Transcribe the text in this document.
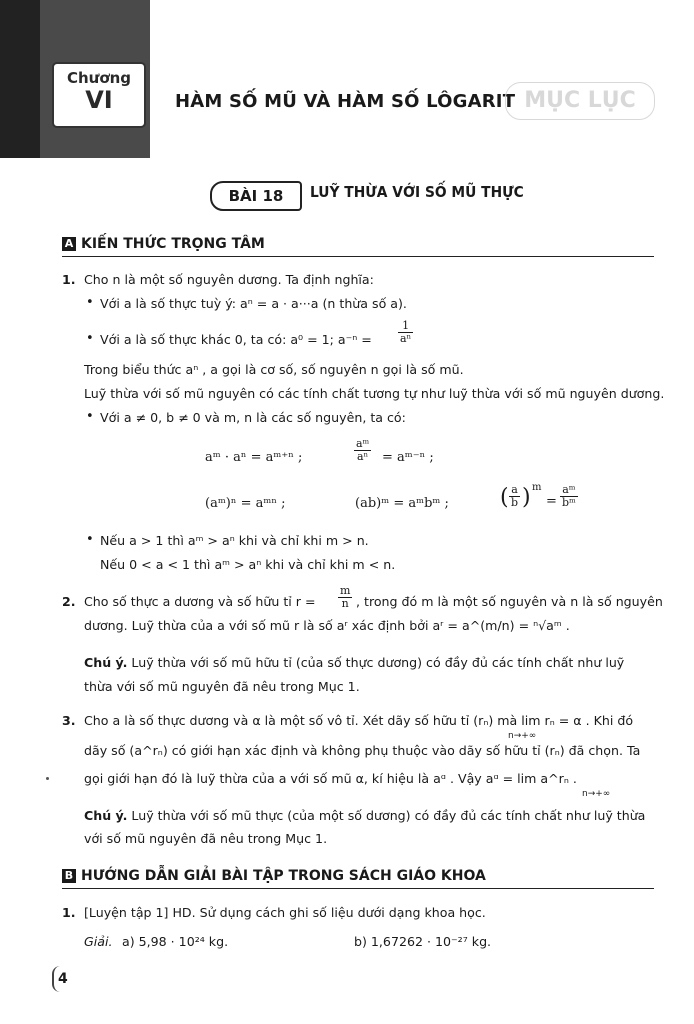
Chương
VI	HÀM SỐ MŨ VÀ HÀM SỐ LÔGARIT MỤC LỤC
BÀI 18	LUỸ THỪA VỚI SỐ MŨ THỰC
A KIẾN THỨC TRỌNG TÂM
1. Cho n là một số nguyên dương. Ta định nghĩa:
• Với a là số thực tuỳ ý: aⁿ = a · a···a (n thừa số a).
• Với a là số thực khác 0, ta có: a⁰ = 1; $a^{-n} = \frac{1}{\text{aⁿ}}$
Trong biểu thức aⁿ , a gọi là cơ số, số nguyên n gọi là số mũ.
Luỹ thừa với số mũ nguyên có các tính chất tương tự như luỹ thừa với số mũ nguyên dương.
• Với a ≠ 0, b ≠ 0 và m, n là các số nguyên, ta có:
aᵐ · aⁿ = aᵐ⁺ⁿ ;	$\frac{\text{aᵐ}}{\text{aⁿ}}$ = aᵐ⁻ⁿ ;
(aᵐ)ⁿ = aᵐⁿ ;	(ab)ᵐ = aᵐbᵐ ; ( $\frac{a}{b}$ ) m
= $\frac{\text{aᵐ}}{\text{bᵐ}}$
• Nếu a > 1 thì aᵐ > aⁿ khi và chỉ khi m > n.
Nếu 0 < a < 1 thì aᵐ > aⁿ khi và chỉ khi m < n.
2. Cho số thực a dương và số hữu tỉ $r = \frac{m}{n}$ , trong đó m là một số nguyên và n là số nguyên
dương. Luỹ thừa của a với số mũ r là số aʳ xác định bởi aʳ = a^(m/n) = ⁿ√aᵐ .
Chú ý. Luỹ thừa với số mũ hữu tỉ (của số thực dương) có đầy đủ các tính chất như luỹ
thừa với số mũ nguyên đã nêu trong Mục 1.
3. Cho a là số thực dương và α là một số vô tỉ. Xét dãy số hữu tỉ (rₙ) mà lim rₙ = α . Khi đó
n→+∞
dãy số (a^rₙ) có giới hạn xác định và không phụ thuộc vào dãy số hữu tỉ (rₙ) đã chọn. Ta
gọi giới hạn đó là luỹ thừa của a với số mũ α, kí hiệu là aᵅ . Vậy aᵅ = lim a^rₙ .
n→+∞
Chú ý. Luỹ thừa với số mũ thực (của một số dương) có đầy đủ các tính chất như luỹ thừa
với số mũ nguyên đã nêu trong Mục 1.
B HƯỚNG DẪN GIẢI BÀI TẬP TRONG SÁCH GIÁO KHOA
1. [Luyện tập 1] HD. Sử dụng cách ghi số liệu dưới dạng khoa học.
Giải. a) 5,98 · 10²⁴ kg.	b) 1,67262 · 10⁻²⁷ kg.
4
